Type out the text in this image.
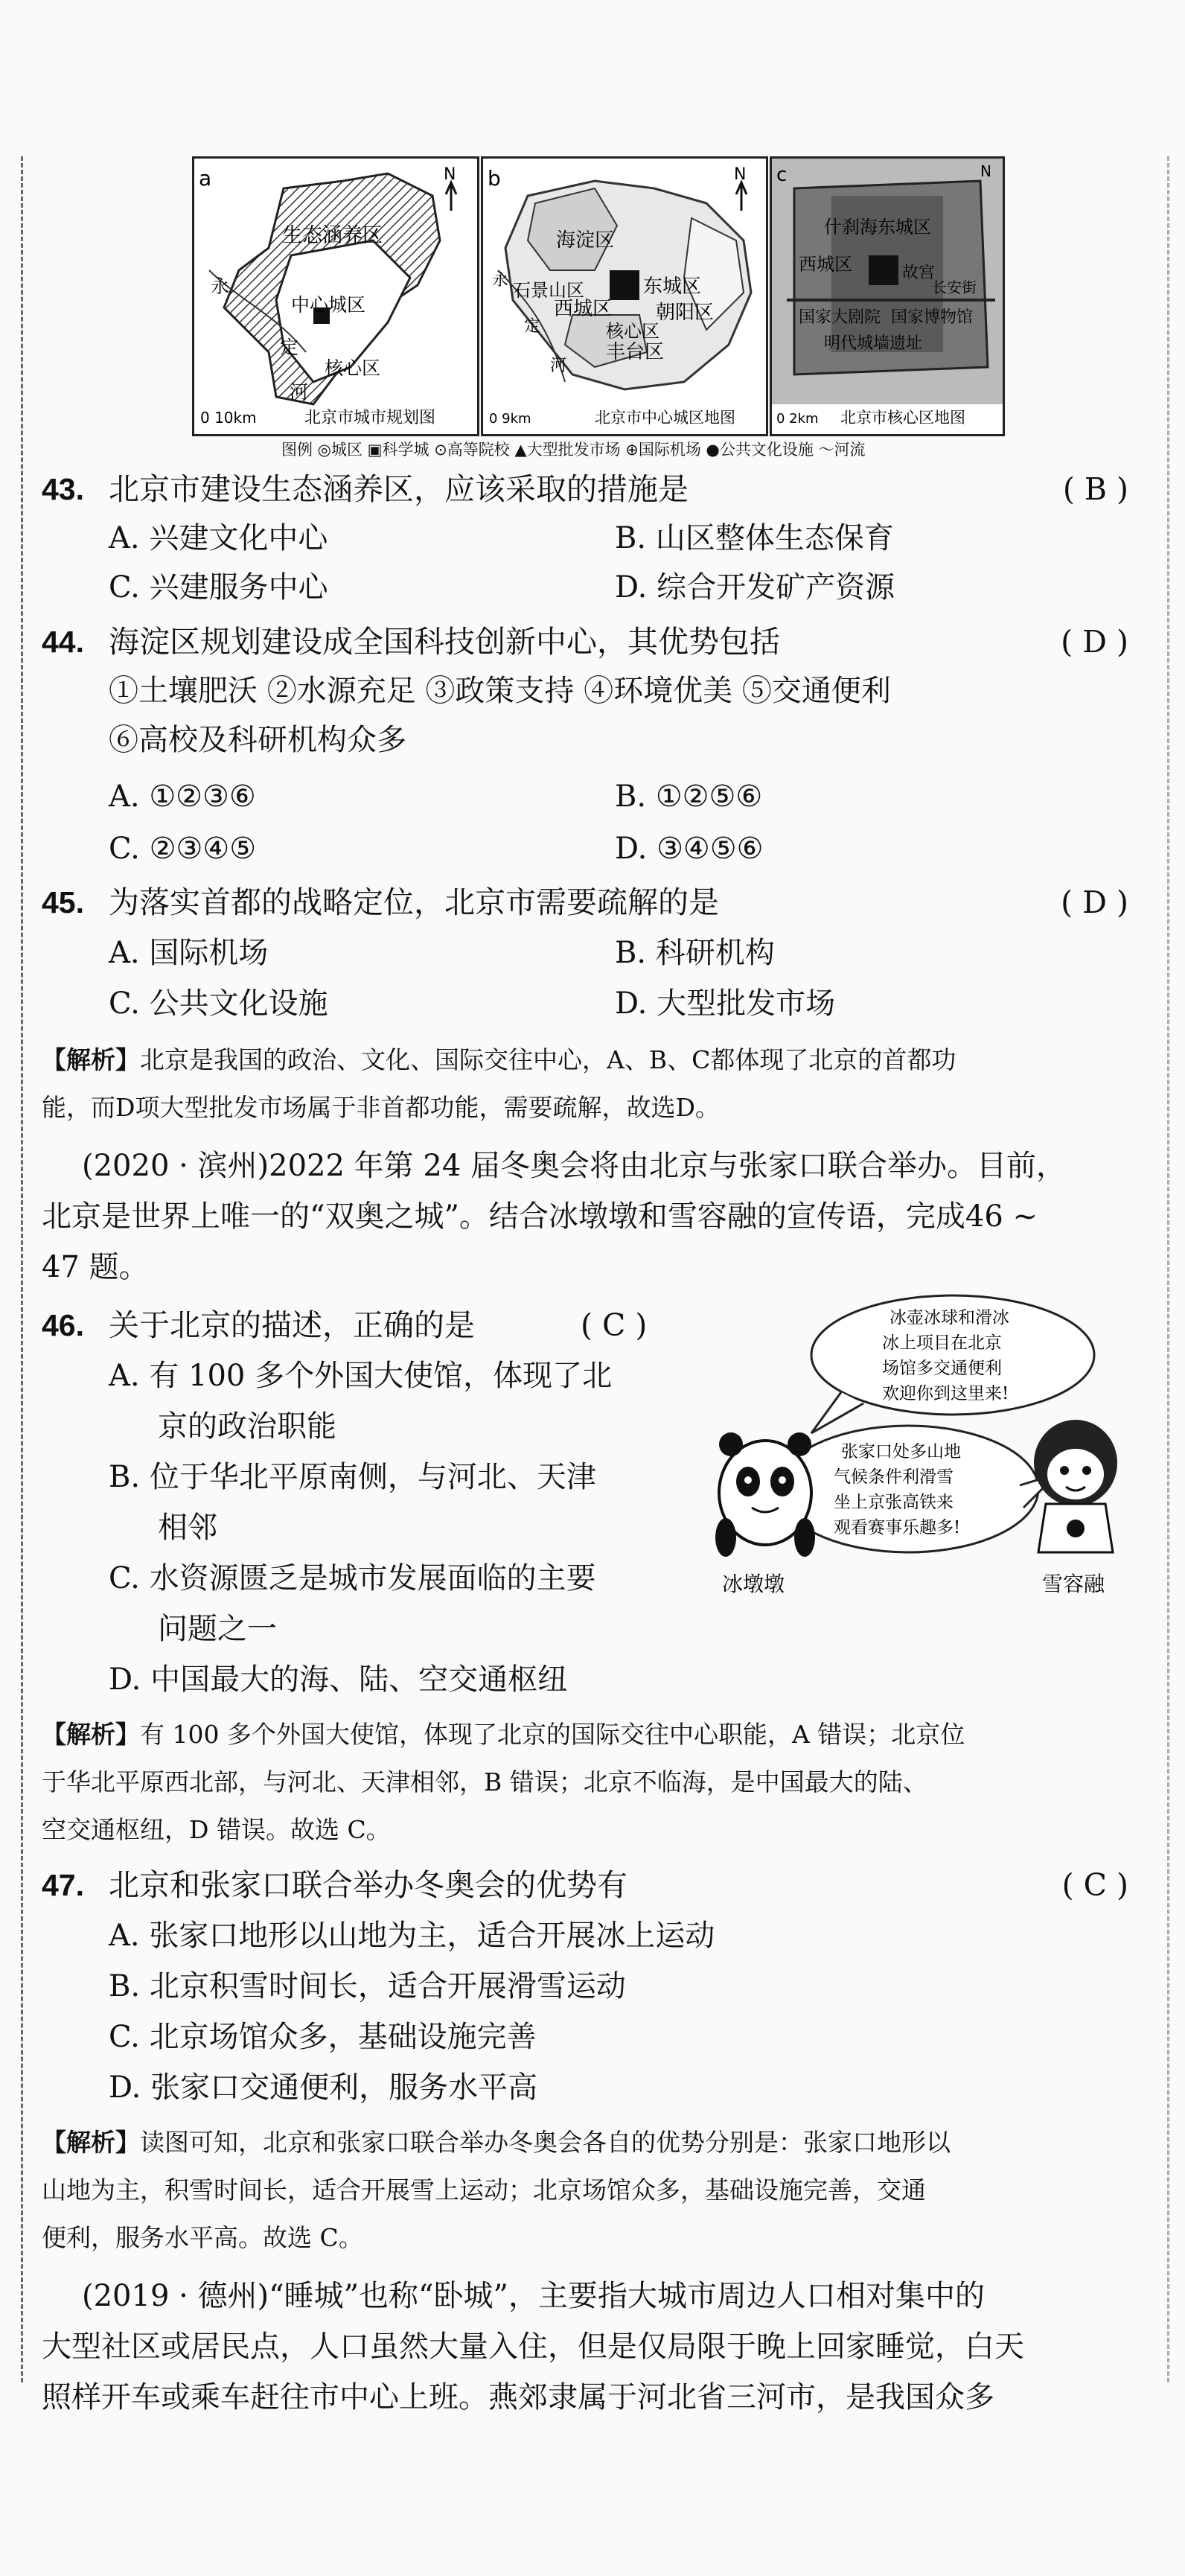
a	N
生态涵养区
永
定
中心城区
核心区
河
0 10km	北京市城市规划图
b	N
海淀区
石景山区	东城区
西城区 朝阳区
核心区
丰台区
永
定
河
0 9km	北京市中心城区地图
c	N
什刹海东城区
西城区	故宫
长安街
国家大剧院 国家博物馆
明代城墙遗址
0 2km 北京市核心区地图
图例 ◎城区 ▣科学城 ⊙高等院校 ▲大型批发市场 ⊕国际机场 ●公共文化设施 〜河流
43. 北京市建设生态涵养区，应该采取的措施是	( B )
A. 兴建文化中心	B. 山区整体生态保育
C. 兴建服务中心	D. 综合开发矿产资源
44. 海淀区规划建设成全国科技创新中心，其优势包括	( D )
①土壤肥沃 ②水源充足 ③政策支持 ④环境优美 ⑤交通便利
⑥高校及科研机构众多
A. ①②③⑥	B. ①②⑤⑥
C. ②③④⑤	D. ③④⑤⑥
45. 为落实首都的战略定位，北京市需要疏解的是	( D )
A. 国际机场	B. 科研机构
C. 公共文化设施	D. 大型批发市场
【解析】北京是我国的政治、文化、国际交往中心，A、B、C都体现了北京的首都功
能，而D项大型批发市场属于非首都功能，需要疏解，故选D。
(2020 · 滨州)2022 年第 24 届冬奥会将由北京与张家口联合举办。目前，
北京是世界上唯一的“双奥之城”。结合冰墩墩和雪容融的宣传语，完成46 ~
47 题。
46. 关于北京的描述，正确的是	( C )
A. 有 100 多个外国大使馆，体现了北
京的政治职能
B. 位于华北平原南侧，与河北、天津
相邻
C. 水资源匮乏是城市发展面临的主要
问题之一
D. 中国最大的海、陆、空交通枢纽
【解析】有 100 多个外国大使馆，体现了北京的国际交往中心职能，A 错误；北京位
于华北平原西北部，与河北、天津相邻，B 错误；北京不临海，是中国最大的陆、
空交通枢纽，D 错误。故选 C。
冰壶冰球和滑冰
冰上项目在北京
场馆多交通便利
欢迎你到这里来!
张家口处多山地
气候条件利滑雪
坐上京张高铁来
观看赛事乐趣多!
冰墩墩	雪容融
47. 北京和张家口联合举办冬奥会的优势有	( C )
A. 张家口地形以山地为主，适合开展冰上运动
B. 北京积雪时间长，适合开展滑雪运动
C. 北京场馆众多，基础设施完善
D. 张家口交通便利，服务水平高
【解析】读图可知，北京和张家口联合举办冬奥会各自的优势分别是：张家口地形以
山地为主，积雪时间长，适合开展雪上运动；北京场馆众多，基础设施完善，交通
便利，服务水平高。故选 C。
(2019 · 德州)“睡城”也称“卧城”，主要指大城市周边人口相对集中的
大型社区或居民点，人口虽然大量入住，但是仅局限于晚上回家睡觉，白天
照样开车或乘车赶往市中心上班。燕郊隶属于河北省三河市，是我国众多
